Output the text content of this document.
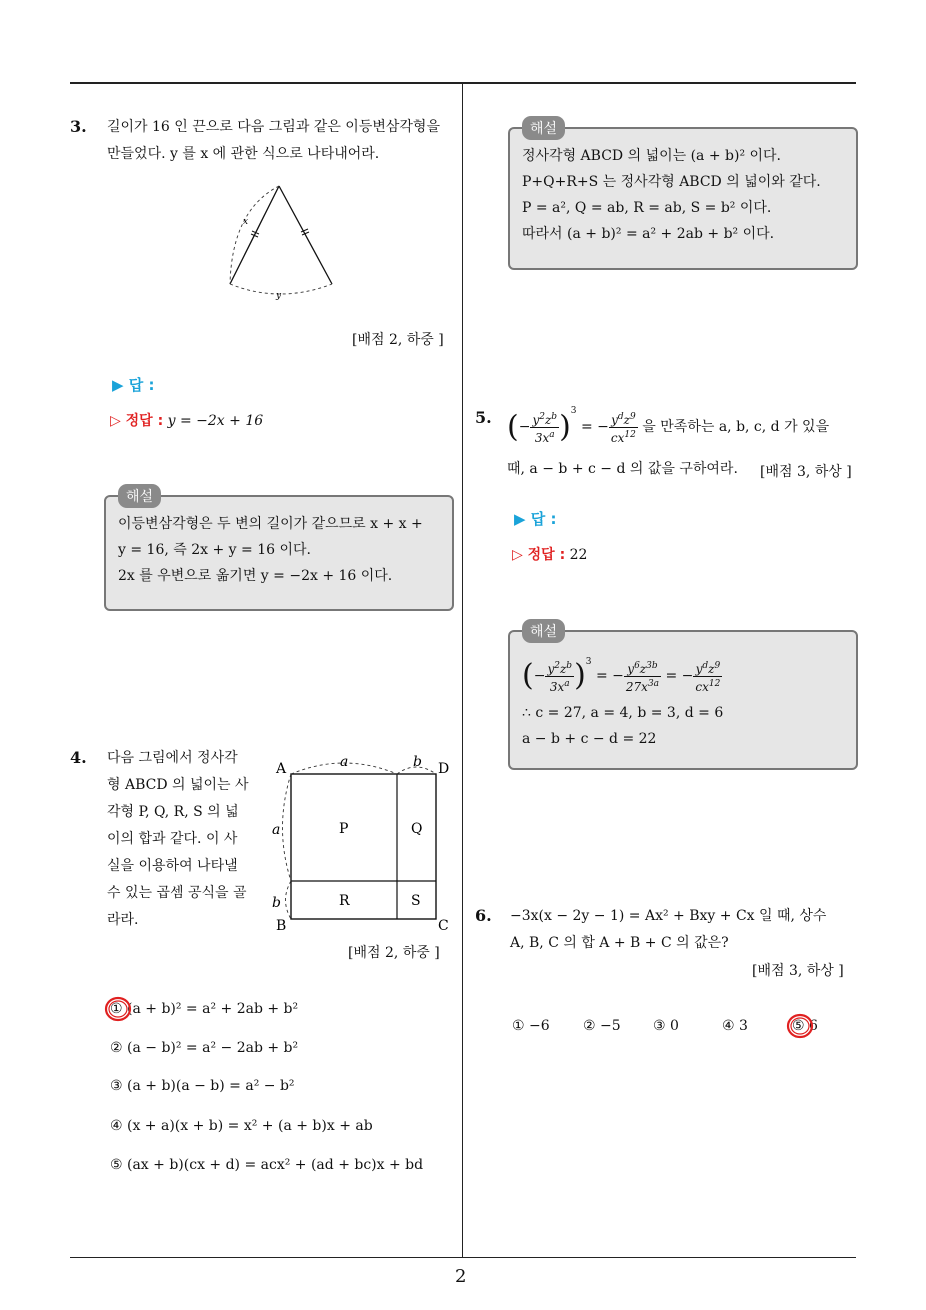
2
3. 길이가 16 인 끈으로 다음 그림과 같은 이등변삼각형을
만들었다. y 를 x 에 관한 식으로 나타내어라.
x
y
[배점 2, 하중 ]
▶ 답 :
▷ 정답 : y = −2x + 16
해설
이등변삼각형은 두 변의 길이가 같으므로 x + x +
y = 16, 즉 2x + y = 16 이다.
2x 를 우변으로 옮기면 y = −2x + 16 이다.
4. 다음 그림에서 정사각
형 ABCD 의 넓이는 사
각형 P, Q, R, S 의 넓
이의 합과 같다. 이 사
실을 이용하여 나타낼
수 있는 곱셈 공식을 골
라라.
A	D
B	C
P	Q
R	S
a	b
a
b
[배점 2, 하중 ]
① (a + b)² = a² + 2ab + b²
② (a − b)² = a² − 2ab + b²
③ (a + b)(a − b) = a² − b²
④ (x + a)(x + b) = x² + (a + b)x + ab
⑤ (ax + b)(cx + d) = acx² + (ad + bc)x + bd
해설
정사각형 ABCD 의 넓이는 (a + b)² 이다.
P+Q+R+S 는 정사각형 ABCD 의 넓이와 같다.
P = a², Q = ab, R = ab, S = b² 이다.
따라서 (a + b)² = a² + 2ab + b² 이다.
5. (− $\frac{y^2z^b}{3x^a} )^3$ = − $\frac{y^dz^9}{cx^{12}}$ 을 만족하는 a, b, c, d 가 있을
때, a − b + c − d 의 값을 구하여라. [배점 3, 하상 ]
▶ 답 :
▷ 정답 : 22
해설
(− $\frac{y^2z^b}{3x^a} )^3$ = − $\frac{y^6z^{3b}}{27x^{3a}}$ = − $\frac{y^dz^9}{cx^{12}}$
∴ c = 27, a = 4, b = 3, d = 6
a − b + c − d = 22
6. −3x(x − 2y − 1) = Ax² + Bxy + Cx 일 때, 상수
A, B, C 의 합 A + B + C 의 값은?
[배점 3, 하상 ]
① −6 ② −5 ③ 0	④ 3	⑤ 6
